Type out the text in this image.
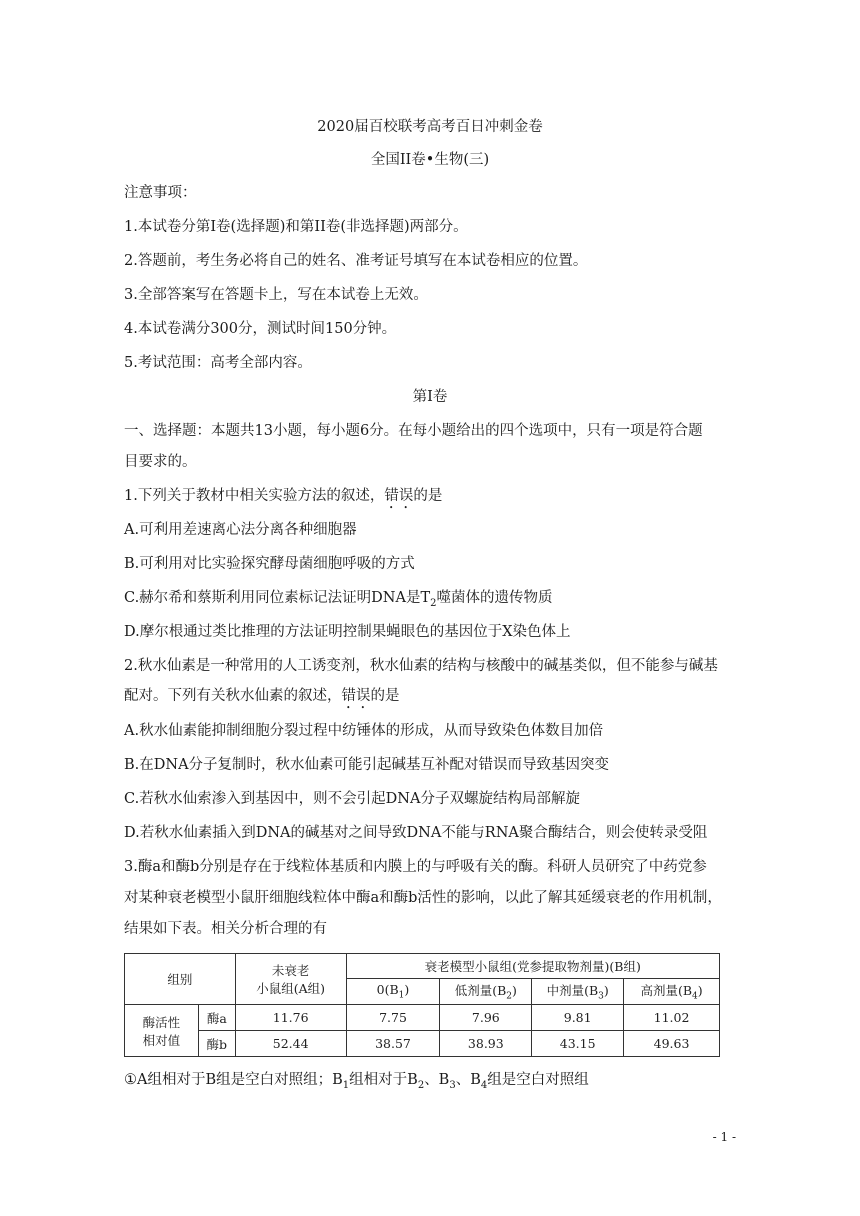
2020届百校联考高考百日冲刺金卷
全国II卷•生物(三)
注意事项：
1.本试卷分第I卷(选择题)和第II卷(非选择题)两部分。
2.答题前，考生务必将自己的姓名、准考证号填写在本试卷相应的位置。
3.全部答案写在答题卡上，写在本试卷上无效。
4.本试卷满分300分，测试时间150分钟。
5.考试范围：高考全部内容。
第I卷
一、选择题：本题共13小题，每小题6分。在每小题给出的四个选项中，只有一项是符合题
目要求的。
1.下列关于教材中相关实验方法的叙述，错误的是
A.可利用差速离心法分离各种细胞器
B.可利用对比实验探究酵母菌细胞呼吸的方式
C.赫尔希和蔡斯利用同位素标记法证明DNA是$T_2$噬菌体的遗传物质
D.摩尔根通过类比推理的方法证明控制果蝇眼色的基因位于X染色体上
2.秋水仙素是一种常用的人工诱变剂，秋水仙素的结构与核酸中的碱基类似，但不能参与碱基
配对。下列有关秋水仙素的叙述，错误的是
A.秋水仙素能抑制细胞分裂过程中纺锤体的形成，从而导致染色体数目加倍
B.在DNA分子复制时，秋水仙素可能引起碱基互补配对错误而导致基因突变
C.若秋水仙索渗入到基因中，则不会引起DNA分子双螺旋结构局部解旋
D.若秋水仙素插入到DNA的碱基对之间导致DNA不能与RNA聚合酶结合，则会使转录受阻
3.酶a和酶b分别是存在于线粒体基质和内膜上的与呼吸有关的酶。科研人员研究了中药党参
对某种衰老模型小鼠肝细胞线粒体中酶a和酶b活性的影响，以此了解其延缓衰老的作用机制，
结果如下表。相关分析合理的有
组别		未衰老
小鼠组(A组)	衰老模型小鼠组(党参提取物剂量)(B组)			
			$0(B_1)$	低剂量$(B_2)$	中剂量$(B_3)$	高剂量$(B_4)$

酶活性
相对值	酶a	11.76	7.75	7.96	9.81	11.02
	酶b	52.44	38.57	38.93	43.15	49.63
①A组相对于B组是空白对照组；$B_1$组相对于$B_2$、$B_3$、$B_4$组是空白对照组
- 1 -
